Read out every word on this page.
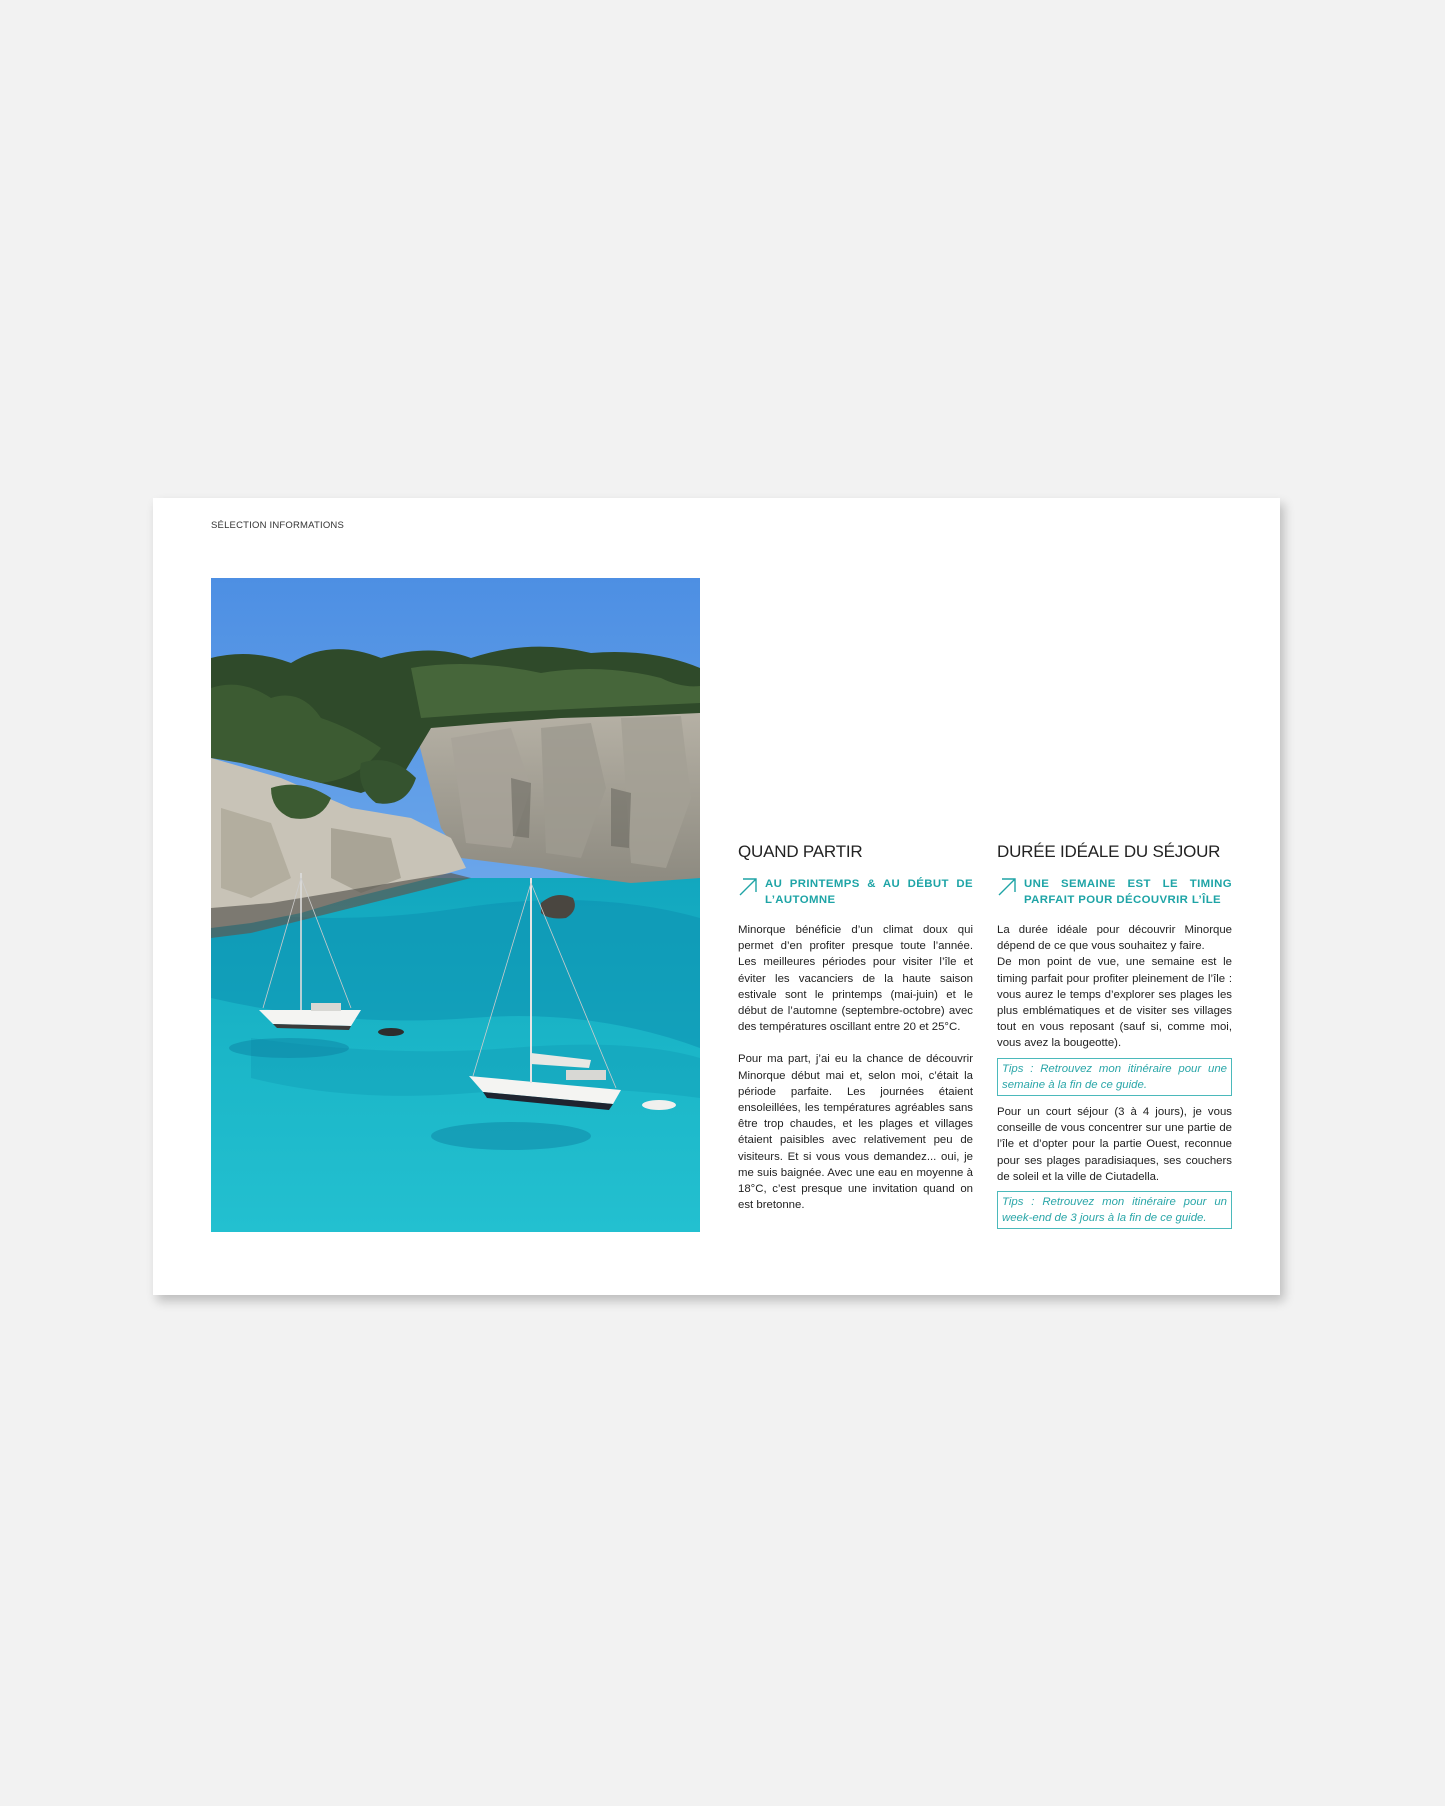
SÉLECTION INFORMATIONS
QUAND PARTIR
AU PRINTEMPS & AU DÉBUT DE L’AUTOMNE

Minorque bénéficie d’un climat doux qui permet d’en profiter presque toute l’année. Les meilleures périodes pour visiter l’île et éviter les vacanciers de la haute saison estivale sont le printemps (mai-juin) et le début de l’automne (septembre-octobre) avec des températures oscillant entre 20 et 25°C.

Pour ma part, j’ai eu la chance de découvrir Minorque début mai et, selon moi, c’était la période parfaite. Les journées étaient ensoleillées, les températures agréables sans être trop chaudes, et les plages et villages étaient paisibles avec relativement peu de visiteurs. Et si vous vous demandez... oui, je me suis baignée. Avec une eau en moyenne à 18°C, c’est presque une invitation quand on est bretonne.

DURÉE IDÉALE DU SÉJOUR
UNE SEMAINE EST LE TIMING PARFAIT POUR DÉCOUVRIR L’ÎLE

La durée idéale pour découvrir Minorque dépend de ce que vous souhaitez y faire.

De mon point de vue, une semaine est le timing parfait pour profiter pleinement de l’île : vous aurez le temps d’explorer ses plages les plus emblématiques et de visiter ses villages tout en vous reposant (sauf si, comme moi, vous avez la bougeotte).

Tips : Retrouvez mon itinéraire pour une semaine à la fin de ce guide.

Pour un court séjour (3 à 4 jours), je vous conseille de vous concentrer sur une partie de l’île et d’opter pour la partie Ouest, reconnue pour ses plages paradisiaques, ses couchers de soleil et la ville de Ciutadella.

Tips : Retrouvez mon itinéraire pour un week-end de 3 jours à la fin de ce guide.
